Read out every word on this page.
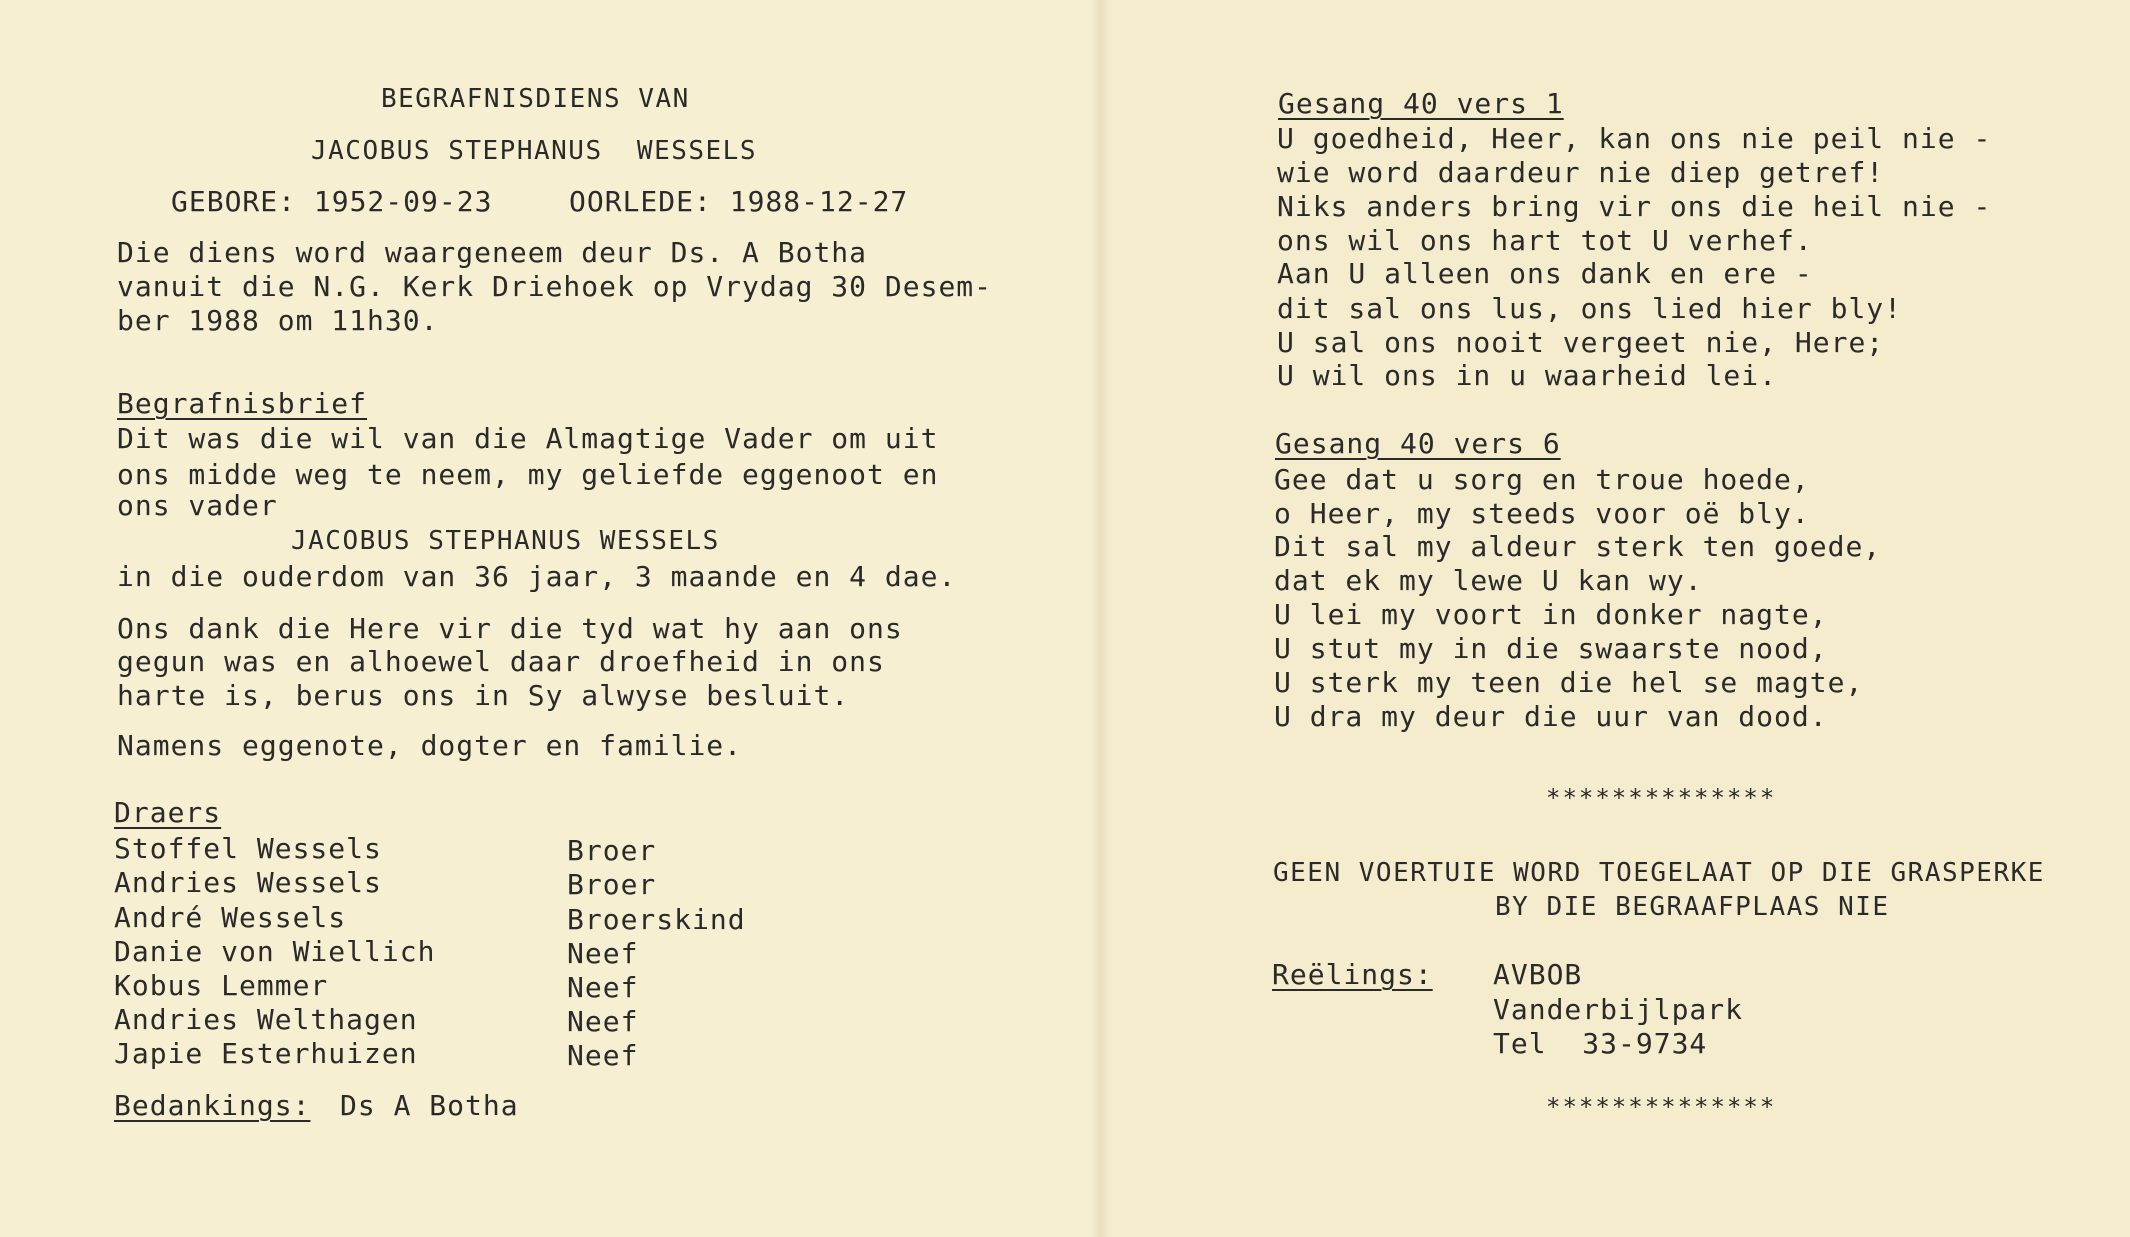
BEGRAFNISDIENS VAN
JACOBUS STEPHANUS  WESSELS
GEBORE: 1952-09-23	OORLEDE: 1988-12-27
Die diens word waargeneem deur Ds. A Botha
vanuit die N.G. Kerk Driehoek op Vrydag 30 Desem-
ber 1988 om 11h30.
Begrafnisbrief
Dit was die wil van die Almagtige Vader om uit
ons midde weg te neem, my geliefde eggenoot en
ons vader
JACOBUS STEPHANUS WESSELS
in die ouderdom van 36 jaar, 3 maande en 4 dae.
Ons dank die Here vir die tyd wat hy aan ons
gegun was en alhoewel daar droefheid in ons
harte is, berus ons in Sy alwyse besluit.
Namens eggenote, dogter en familie.
Draers
Stoffel Wessels	Broer
Andries Wessels	Broer
André Wessels	Broerskind
Danie von Wiellich	Neef
Kobus Lemmer	Neef
Andries Welthagen	Neef
Japie Esterhuizen	Neef
Bedankings: Ds A Botha
Gesang 40 vers 1
U goedheid, Heer, kan ons nie peil nie -
wie word daardeur nie diep getref!
Niks anders bring vir ons die heil nie -
ons wil ons hart tot U verhef.
Aan U alleen ons dank en ere -
dit sal ons lus, ons lied hier bly!
U sal ons nooit vergeet nie, Here;
U wil ons in u waarheid lei.
Gesang 40 vers 6
Gee dat u sorg en troue hoede,
o Heer, my steeds voor oë bly.
Dit sal my aldeur sterk ten goede,
dat ek my lewe U kan wy.
U lei my voort in donker nagte,
U stut my in die swaarste nood,
U sterk my teen die hel se magte,
U dra my deur die uur van dood.
**************
GEEN VOERTUIE WORD TOEGELAAT OP DIE GRASPERKE
BY DIE BEGRAAFPLAAS NIE
Reëlings: AVBOB
Vanderbijlpark
Tel  33-9734
**************
